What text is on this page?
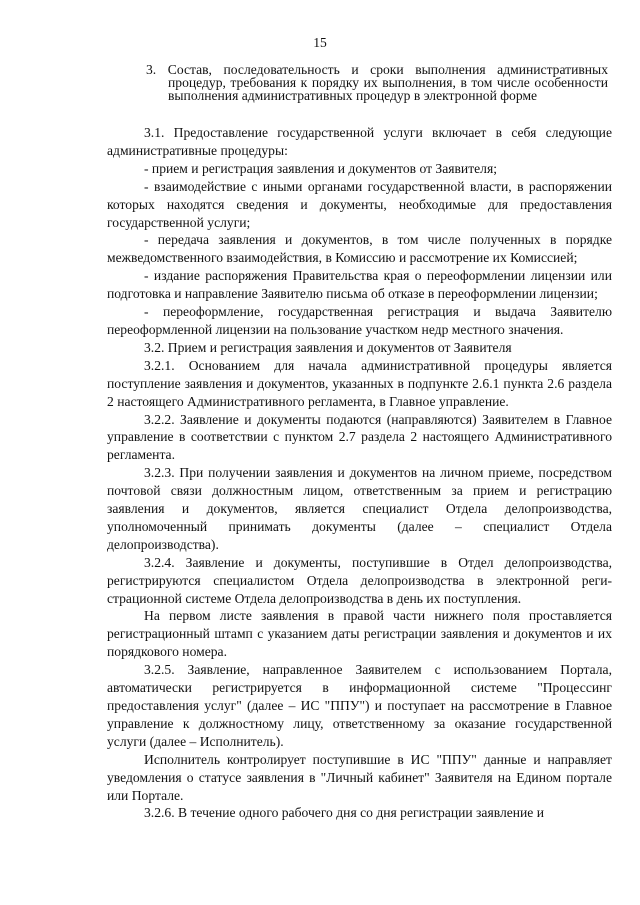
15
3. Состав, последовательность и сроки выполнения административных процедур, требования к порядку их выполнения, в том числе особенности выполнения административных процедур в электронной форме

3.1. Предоставление государственной услуги включает в себя следующие административные процедуры:

- прием и регистрация заявления и документов от Заявителя;

- взаимодействие с иными органами государственной власти, в распоряжении которых находятся сведения и документы, необходимые для предоставления государственной услуги;

- передача заявления и документов, в том числе полученных в порядке межведомственного взаимодействия, в Комиссию и рассмотрение их Комиссией;

- издание распоряжения Правительства края о переоформлении лицензии или подготовка и направление Заявителю письма об отказе в переоформлении лицензии;

- переоформление, государственная регистрация и выдача Заявителю переоформленной лицензии на пользование участком недр местного значения.

3.2. Прием и регистрация заявления и документов от Заявителя

3.2.1. Основанием для начала административной процедуры является поступление заявления и документов, указанных в подпункте 2.6.1 пункта 2.6 раздела 2 настоящего Административного регламента, в Главное управление.

3.2.2. Заявление и документы подаются (направляются) Заявителем в Главное управление в соответствии с пунктом 2.7 раздела 2 настоящего Административного регламента.

3.2.3. При получении заявления и документов на личном приеме, посредством почтовой связи должностным лицом, ответственным за прием и регистрацию заявления и документов, является специалист Отдела делопроизводства, уполномоченный принимать документы (далее – специалист Отдела делопроизводства).

3.2.4. Заявление и документы, поступившие в Отдел делопроизводства, регистрируются специалистом Отдела делопроизводства в электронной регистрационной системе Отдела делопроизводства в день их поступления.

На первом листе заявления в правой части нижнего поля проставляется регистрационный штамп с указанием даты регистрации заявления и документов и их порядкового номера.

3.2.5. Заявление, направленное Заявителем с использованием Портала, автоматически регистрируется в информационной системе "Процессинг предоставления услуг" (далее – ИС "ППУ") и поступает на рассмотрение в Главное управление к должностному лицу, ответственному за оказание государственной услуги (далее – Исполнитель).

Исполнитель контролирует поступившие в ИС "ППУ" данные и направляет уведомления о статусе заявления в "Личный кабинет" Заявителя на Едином портале или Портале.

3.2.6. В течение одного рабочего дня со дня регистрации заявление и
